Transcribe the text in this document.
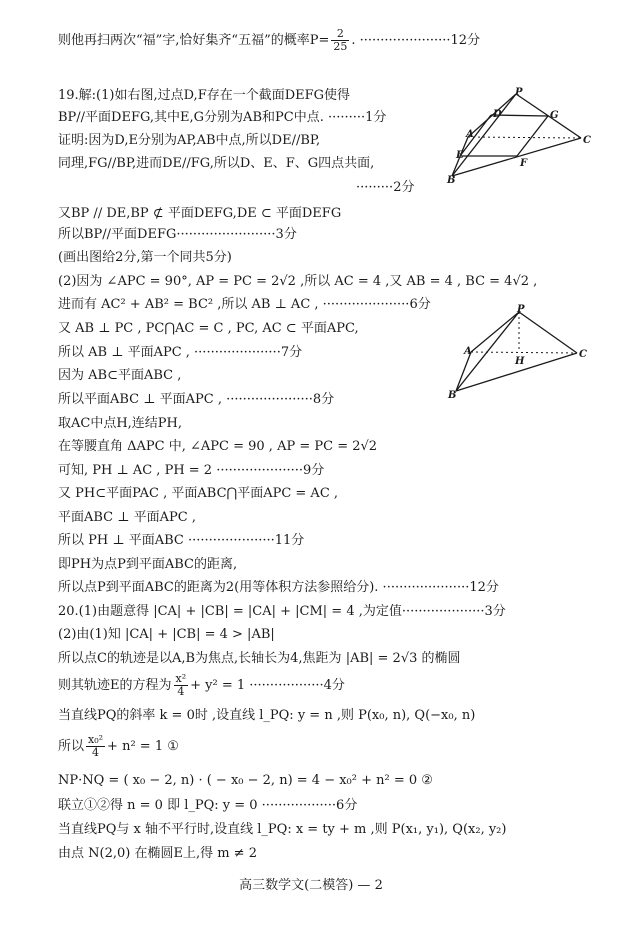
则他再扫两次“福”字,恰好集齐“五福”的概率$P= \frac{2}{25}$ . ······················12分
19.解:(1)如右图,过点D,F存在一个截面DEFG使得
BP//平面DEFG,其中E,G分别为AB和PC中点. ·········1分
证明:因为D,E分别为AP,AB中点,所以DE//BP,
同理,FG//BP,进而DE//FG,所以D、E、F、G四点共面,
·········2分
又BP // DE,BP ⊄ 平面DEFG,DE ⊂ 平面DEFG
所以BP//平面DEFG························3分
(画出图给2分,第一个同共5分)
(2)因为 ∠APC = 90°, AP = PC = 2√2 ,所以 AC = 4 ,又 AB = 4 , BC = 4√2 ,
进而有 AC² + AB² = BC² ,所以 AB ⊥ AC , ·····················6分
又 AB ⊥ PC , PC⋂AC = C , PC, AC ⊂ 平面APC,
所以 AB ⊥ 平面APC , ·····················7分
因为 AB⊂平面ABC ,
所以平面ABC ⊥ 平面APC , ·····················8分
取AC中点H,连结PH,
在等腰直角 ΔAPC 中, ∠APC = 90 , AP = PC = 2√2
可知, PH ⊥ AC , PH = 2 ·····················9分
又 PH⊂平面PAC , 平面ABC⋂平面APC = AC ,
平面ABC ⊥ 平面APC ,
所以 PH ⊥ 平面ABC ·····················11分
即PH为点P到平面ABC的距离,
所以点P到平面ABC的距离为2(用等体积方法参照给分). ·····················12分
20.(1)由题意得 |CA| + |CB| = |CA| + |CM| = 4 ,为定值····················3分
(2)由(1)知 |CA| + |CB| = 4 > |AB|
所以点C的轨迹是以A,B为焦点,长轴长为4,焦距为 |AB| = 2√3 的椭圆
则其轨迹E的方程为 $\frac{\text{x²}}{4} + y^2 = 1 \cdot\cdot\cdot\cdot\cdot\cdot\cdot\cdot\cdot\cdot\cdot\cdot\cdot\cdot\cdot\cdot\cdot\cdot 4$分
当直线PQ的斜率 k = 0时 ,设直线 l_PQ: y = n ,则 P(x₀, n), Q(−x₀, n)
所以 $\frac{\text{x₀²}}{4} + n^2 = 1$ ①
NP·NQ = ( x₀ − 2, n) · ( − x₀ − 2, n) = 4 − x₀² + n² = 0 ②
联立①②得 n = 0 即 l_PQ: y = 0 ··················6分
当直线PQ与 x 轴不平行时,设直线 l_PQ: x = ty + m ,则 P(x₁, y₁), Q(x₂, y₂)
由点 N(2,0) 在椭圆E上,得 m ≠ 2
P
G
A
D
E
C
F
B
P
A
H
C
B
高三数学文(二模答) — 2
